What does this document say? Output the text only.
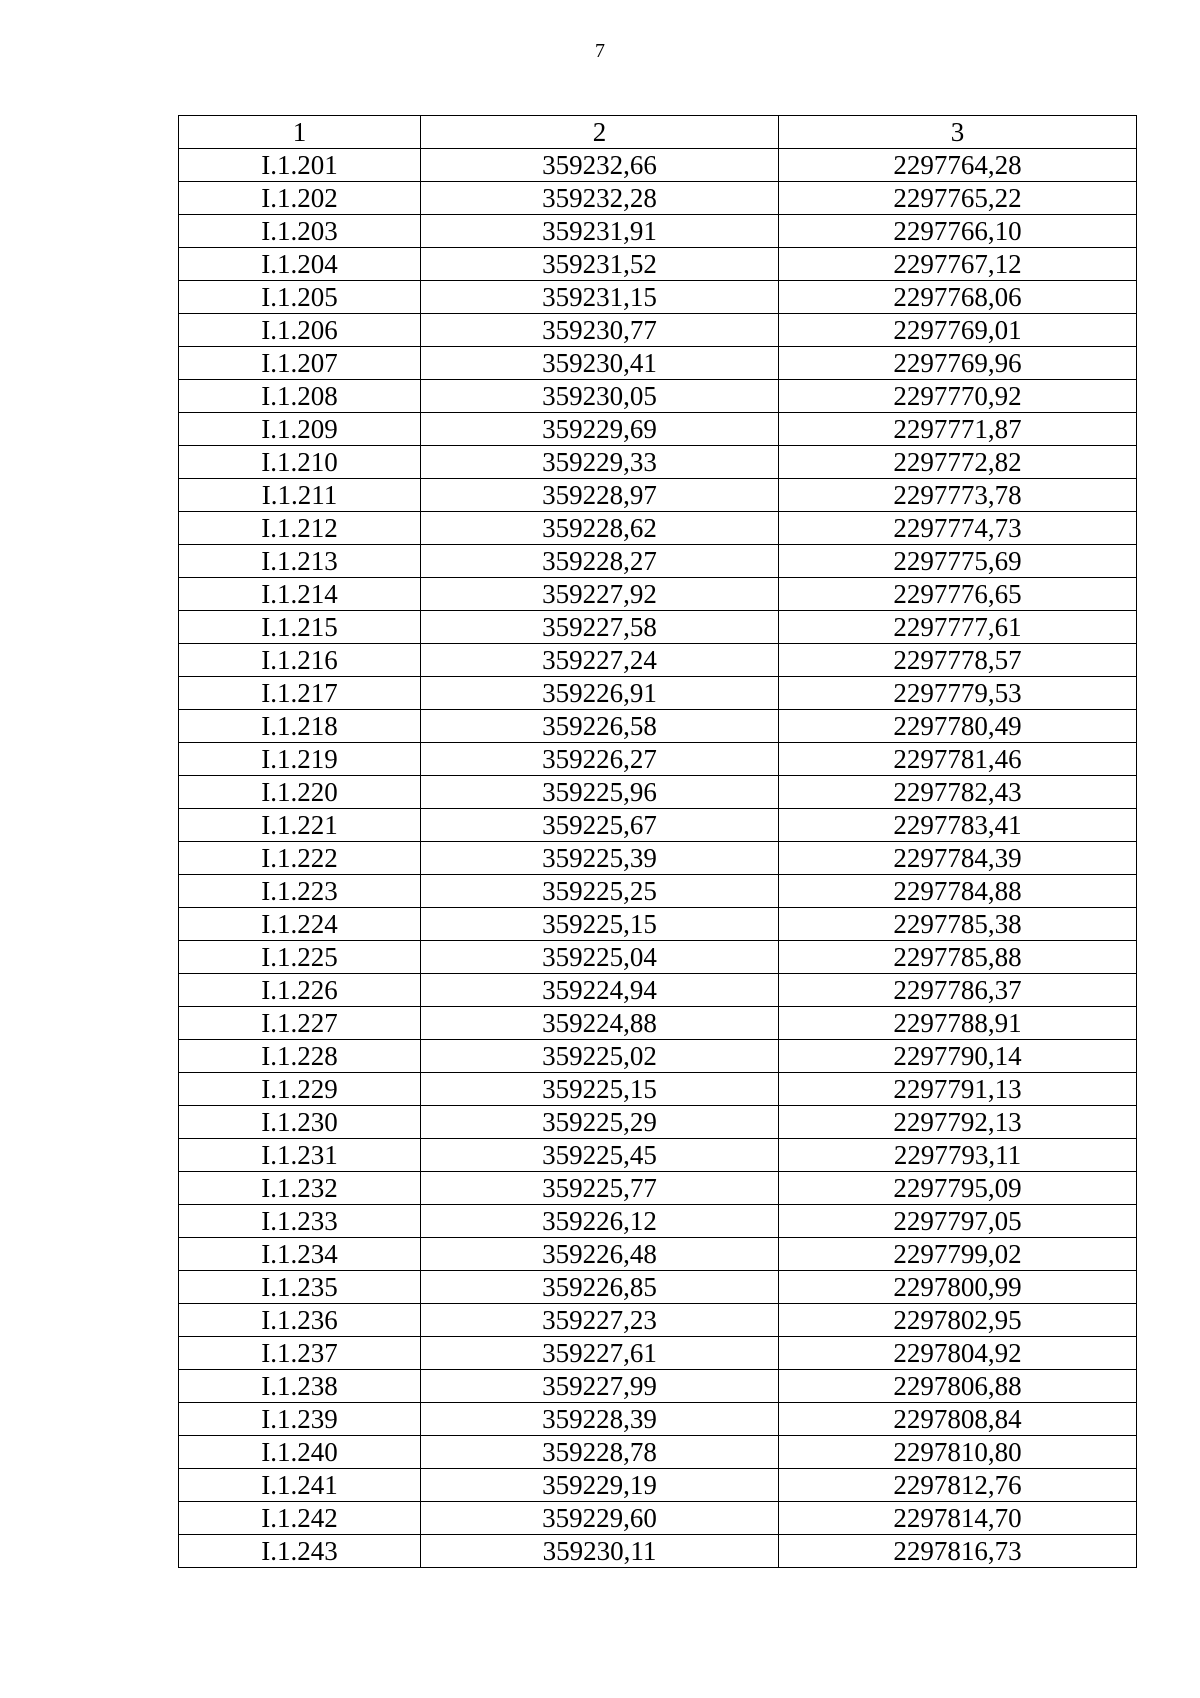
7
1	2	3
I.1.201	359232,66	2297764,28
I.1.202	359232,28	2297765,22
I.1.203	359231,91	2297766,10
I.1.204	359231,52	2297767,12
I.1.205	359231,15	2297768,06
I.1.206	359230,77	2297769,01
I.1.207	359230,41	2297769,96
I.1.208	359230,05	2297770,92
I.1.209	359229,69	2297771,87
I.1.210	359229,33	2297772,82
I.1.211	359228,97	2297773,78
I.1.212	359228,62	2297774,73
I.1.213	359228,27	2297775,69
I.1.214	359227,92	2297776,65
I.1.215	359227,58	2297777,61
I.1.216	359227,24	2297778,57
I.1.217	359226,91	2297779,53
I.1.218	359226,58	2297780,49
I.1.219	359226,27	2297781,46
I.1.220	359225,96	2297782,43
I.1.221	359225,67	2297783,41
I.1.222	359225,39	2297784,39
I.1.223	359225,25	2297784,88
I.1.224	359225,15	2297785,38
I.1.225	359225,04	2297785,88
I.1.226	359224,94	2297786,37
I.1.227	359224,88	2297788,91
I.1.228	359225,02	2297790,14
I.1.229	359225,15	2297791,13
I.1.230	359225,29	2297792,13
I.1.231	359225,45	2297793,11
I.1.232	359225,77	2297795,09
I.1.233	359226,12	2297797,05
I.1.234	359226,48	2297799,02
I.1.235	359226,85	2297800,99
I.1.236	359227,23	2297802,95
I.1.237	359227,61	2297804,92
I.1.238	359227,99	2297806,88
I.1.239	359228,39	2297808,84
I.1.240	359228,78	2297810,80
I.1.241	359229,19	2297812,76
I.1.242	359229,60	2297814,70
I.1.243	359230,11	2297816,73
